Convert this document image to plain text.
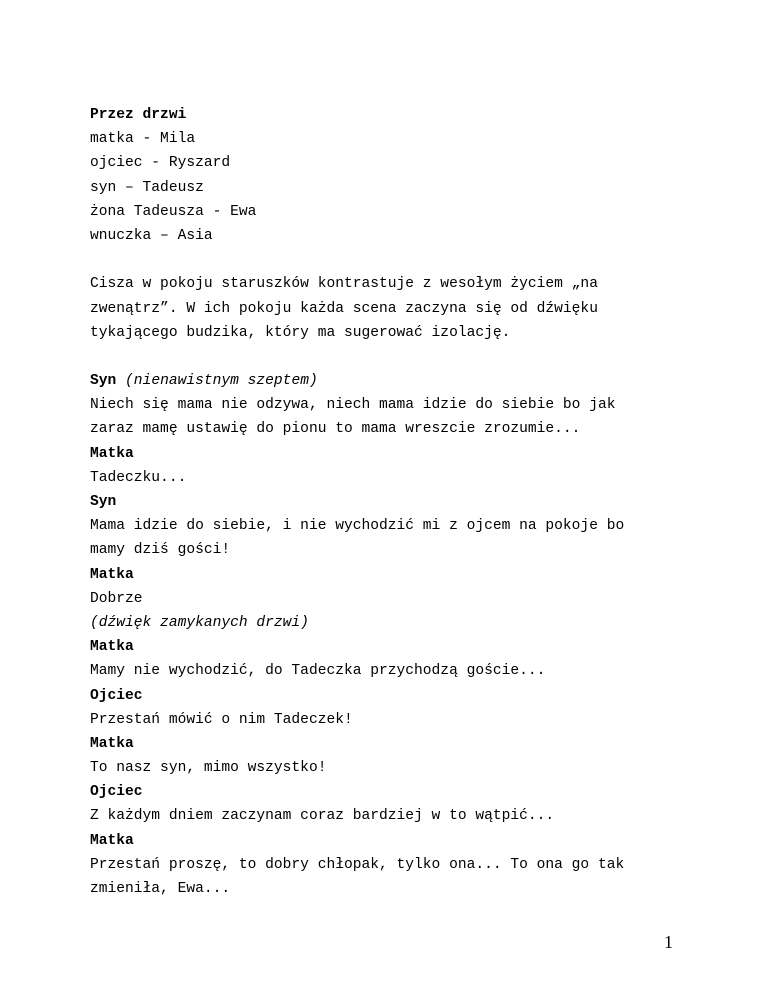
Przez drzwi
matka - Mila
ojciec - Ryszard
syn – Tadeusz
żona Tadeusza - Ewa
wnuczka – Asia
Cisza w pokoju staruszków kontrastuje z wesołym życiem „na
zwenątrz”. W ich pokoju każda scena zaczyna się od dźwięku
tykającego budzika, który ma sugerować izolację.
Syn (nienawistnym szeptem)
Niech się mama nie odzywa, niech mama idzie do siebie bo jak
zaraz mamę ustawię do pionu to mama wreszcie zrozumie...
Matka
Tadeczku...
Syn
Mama idzie do siebie, i nie wychodzić mi z ojcem na pokoje bo
mamy dziś gości!
Matka
Dobrze
(dźwięk zamykanych drzwi)
Matka
Mamy nie wychodzić, do Tadeczka przychodzą goście...
Ojciec
Przestań mówić o nim Tadeczek!
Matka
To nasz syn, mimo wszystko!
Ojciec
Z każdym dniem zaczynam coraz bardziej w to wątpić...
Matka
Przestań proszę, to dobry chłopak, tylko ona... To ona go tak
zmieniła, Ewa...
1
